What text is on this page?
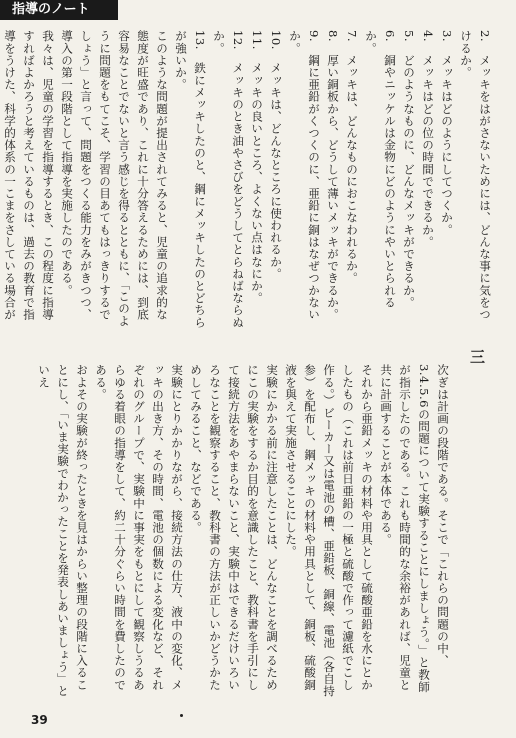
指導のノート

2.　メッキをはがさないためには、どんな事に気をつけるか。

3.　メッキはどのようにしてつくか。

4.　メッキはどの位の時間でできるか。

5.　どのようなものに、どんなメッキができるか。

6.　銅やニッケルは金物にどのようにやいとられるか。

7.　メッキは、どんなものにおこなわれるか。

8.　厚い銅板から、どうして薄いメッキができるか。

9.　鋼に亜鉛がくつくのに、亜鉛に銅はなぜつかないか。

10.　メッキは、どんなところに使われるか。

11.　メッキの良いところ、よくない点はなにか。

12.　メッキのとき油やさびをどうしてとらねばならぬか。

13.　鉄にメッキしたのと、鋼にメッキしたのとどちらが強いか。

このような問題が提出されてみると、児童の追求的な態度が旺盛であり、これに十分答えるためには、到底容易なことでないと言う感じを得るとともに、「このように問題をもてこそ、学習の目あてもはっきりするでしょう」と言って、問題をつくる能力をみがきつつ、導入の第一段階として指導を実施したのである。

我々は、児童の学習を指導するとき、この程度に指導すればよかろうと考えているものは、過去の教育で指導をうけた、科学的体系の一こまをさしている場合が

三

次ぎは計画の段階である。そこで「これらの問題の中、3.4.5.6の問題について実験することにしましょう。」と教師が指示したのである。これも時間的な余裕があれば、児童と共に計画することが本体である。

それから亜鉛メッキの材料や用具として硫酸亜鉛を水にとかしたもの（これは前日亜鉛の一極と硫酸で作って濾紙でこし作る。）ビーカー又は電池の槽、亜鉛板、銅線、電池（各自持参）を配布し、鋼メッキの材料や用具として、銅板、硫酸銅液を與えて実施させることにした。

実験にかかる前に注意したことは、どんなことを調べるためにこの実験をするか目的を意識したこと、教科書を手引にして接続方法をあやまらないこと、実験中はできるだけいろいろなことを観察すること、教科書の方法が正しいかどうかためしてみること、などである。

実験にとりかかりながら、接続方法の仕方、液中の変化、メッキの出き方、その時間、電池の個数による変化など、それぞれのグループで、実験中に事実をもとにして観察しうるあらゆる着眼の指導をして、約二十分ぐらい時間を費したのである。

およその実験が終ったときを見はからい整理の段階に入ることにし、「いま実験でわかったことを発表しあいましょう」といえ

39
